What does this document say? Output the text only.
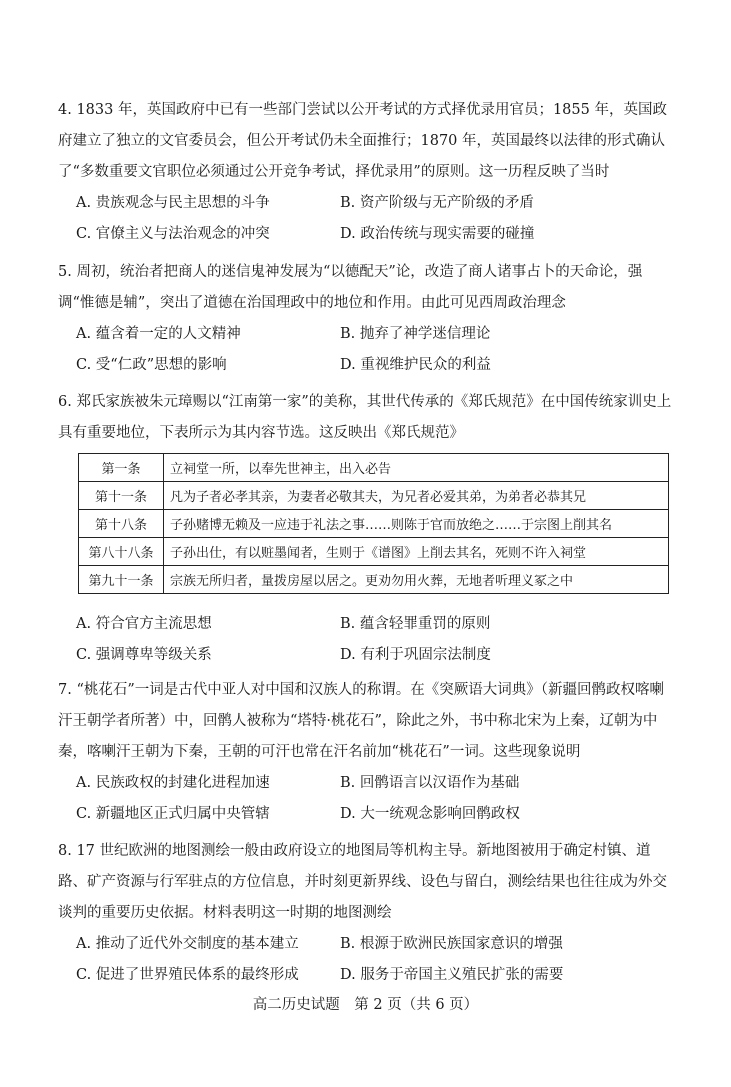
4. 1833 年，英国政府中已有一些部门尝试以公开考试的方式择优录用官员；1855 年，英国政府建立了独立的文官委员会，但公开考试仍未全面推行；1870 年，英国最终以法律的形式确认了“多数重要文官职位必须通过公开竞争考试，择优录用”的原则。这一历程反映了当时

A. 贵族观念与民主思想的斗争	B. 资产阶级与无产阶级的矛盾
C. 官僚主义与法治观念的冲突	D. 政治传统与现实需要的碰撞

5. 周初，统治者把商人的迷信鬼神发展为“以德配天”论，改造了商人诸事占卜的天命论，强调“惟德是辅”，突出了道德在治国理政中的地位和作用。由此可见西周政治理念

A. 蕴含着一定的人文精神	B. 抛弃了神学迷信理论
C. 受“仁政”思想的影响	D. 重视维护民众的利益

6. 郑氏家族被朱元璋赐以“江南第一家”的美称，其世代传承的《郑氏规范》在中国传统家训史上具有重要地位，下表所示为其内容节选。这反映出《郑氏规范》

第一条	立祠堂一所，以奉先世神主，出入必告
第十一条	凡为子者必孝其亲，为妻者必敬其夫，为兄者必爱其弟，为弟者必恭其兄
第十八条	子孙赌博无赖及一应违于礼法之事……则陈于官而放绝之……于宗图上削其名
第八十八条	子孙出仕，有以赃墨闻者，生则于《谱图》上削去其名，死则不许入祠堂
第九十一条	宗族无所归者，量拨房屋以居之。更劝勿用火葬，无地者听理义冢之中
A. 符合官方主流思想	B. 蕴含轻罪重罚的原则
C. 强调尊卑等级关系	D. 有利于巩固宗法制度

7. “桃花石”一词是古代中亚人对中国和汉族人的称谓。在《突厥语大词典》（新疆回鹘政权喀喇汗王朝学者所著）中，回鹘人被称为“塔特·桃花石”，除此之外，书中称北宋为上秦，辽朝为中秦，喀喇汗王朝为下秦，王朝的可汗也常在汗名前加“桃花石”一词。这些现象说明

A. 民族政权的封建化进程加速	B. 回鹘语言以汉语作为基础
C. 新疆地区正式归属中央管辖	D. 大一统观念影响回鹘政权

8. 17 世纪欧洲的地图测绘一般由政府设立的地图局等机构主导。新地图被用于确定村镇、道路、矿产资源与行军驻点的方位信息，并时刻更新界线、设色与留白，测绘结果也往往成为外交谈判的重要历史依据。材料表明这一时期的地图测绘

A. 推动了近代外交制度的基本建立	B. 根源于欧洲民族国家意识的增强
C. 促进了世界殖民体系的最终形成	D. 服务于帝国主义殖民扩张的需要
高二历史试题　第 2 页（共 6 页）
